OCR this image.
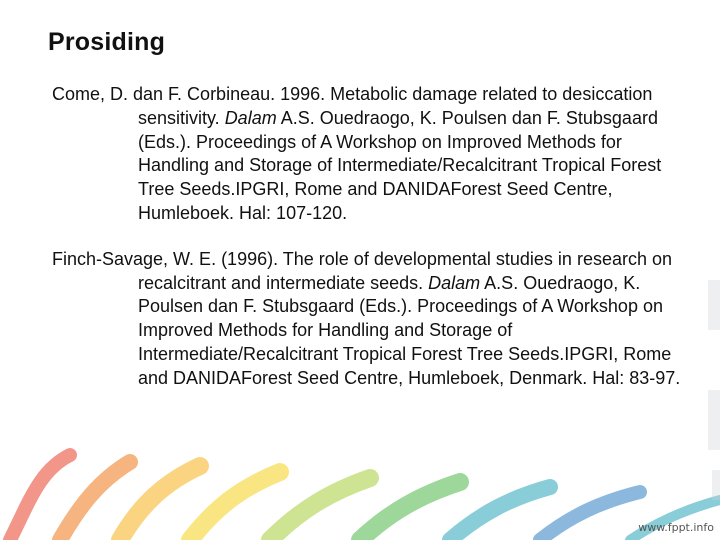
Prosiding

Come, D. dan F. Corbineau. 1996. Metabolic damage related to desiccation sensitivity. Dalam A.S. Ouedraogo, K. Poulsen dan F. Stubsgaard (Eds.). Proceedings of A Workshop on Improved Methods for Handling and Storage of Intermediate/Recalcitrant Tropical Forest Tree Seeds.IPGRI, Rome and DANIDAForest Seed Centre, Humleboek. Hal: 107-120.

Finch-Savage, W. E. (1996). The role of developmental studies in research on recalcitrant and intermediate seeds. Dalam A.S. Ouedraogo, K. Poulsen dan F. Stubsgaard (Eds.). Proceedings of A Workshop on Improved Methods for Handling and Storage of Intermediate/Recalcitrant Tropical Forest Tree Seeds.IPGRI, Rome and DANIDAForest Seed Centre, Humleboek, Denmark. Hal: 83-97.

www.fppt.info
